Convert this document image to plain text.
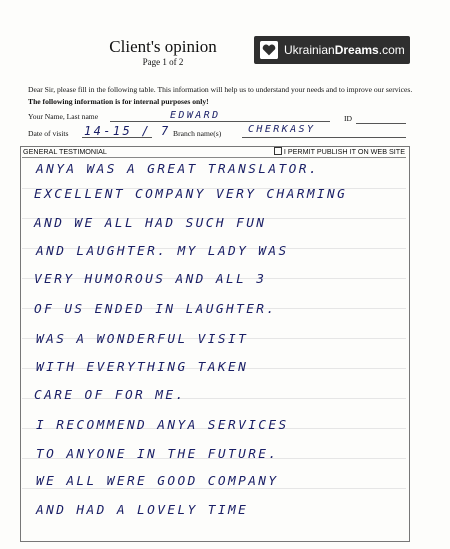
Client's opinion
Page 1 of 2
Ukrainian Dreams .com
Dear Sir, please fill in the following table. This information will help us to understand your needs and to improve our services. The following information is for internal purposes only!
Your Name, Last name	EDWARD	ID
Date of visits 14-15 / 7 Branch name(s)	CHERKASY
GENERAL TESTIMONIAL	I PERMIT PUBLISH IT ON WEB SITE
ANYA WAS A GREAT TRANSLATOR.
EXCELLENT COMPANY VERY CHARMING
AND WE ALL HAD SUCH FUN
AND LAUGHTER. MY LADY WAS
VERY HUMOROUS AND ALL 3
OF US ENDED IN LAUGHTER.
WAS A WONDERFUL VISIT
WITH EVERYTHING TAKEN
CARE OF FOR ME.
I RECOMMEND ANYA SERVICES
TO ANYONE IN THE FUTURE.
WE ALL WERE GOOD COMPANY
AND HAD A LOVELY TIME
